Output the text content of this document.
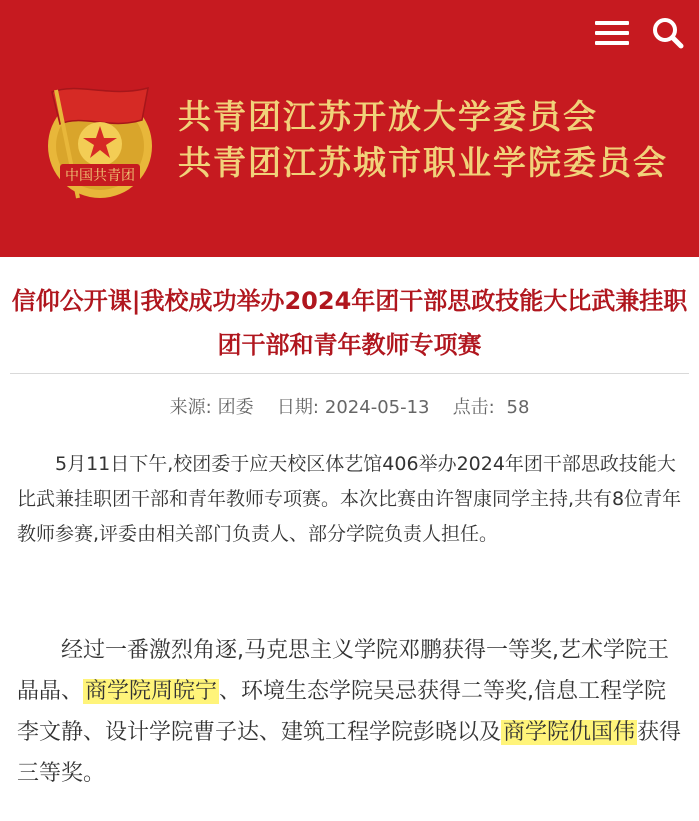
中国共青团
共青团江苏开放大学委员会
共青团江苏城市职业学院委员会
信仰公开课|我校成功举办2024年团干部思政技能大比武兼挂职团干部和青年教师专项赛
来源: 团委 日期: 2024-05-13 点击: 58
5月11日下午,校团委于应天校区体艺馆406举办2024年团干部思政技能大比武兼挂职团干部和青年教师专项赛。本次比赛由许智康同学主持,共有8位青年教师参赛,评委由相关部门负责人、部分学院负责人担任。
经过一番激烈角逐,马克思主义学院邓鹏获得一等奖,艺术学院王晶晶、商学院周皖宁、环境生态学院吴忌获得二等奖,信息工程学院李文静、设计学院曹子达、建筑工程学院彭晓以及商学院仇国伟获得三等奖。
